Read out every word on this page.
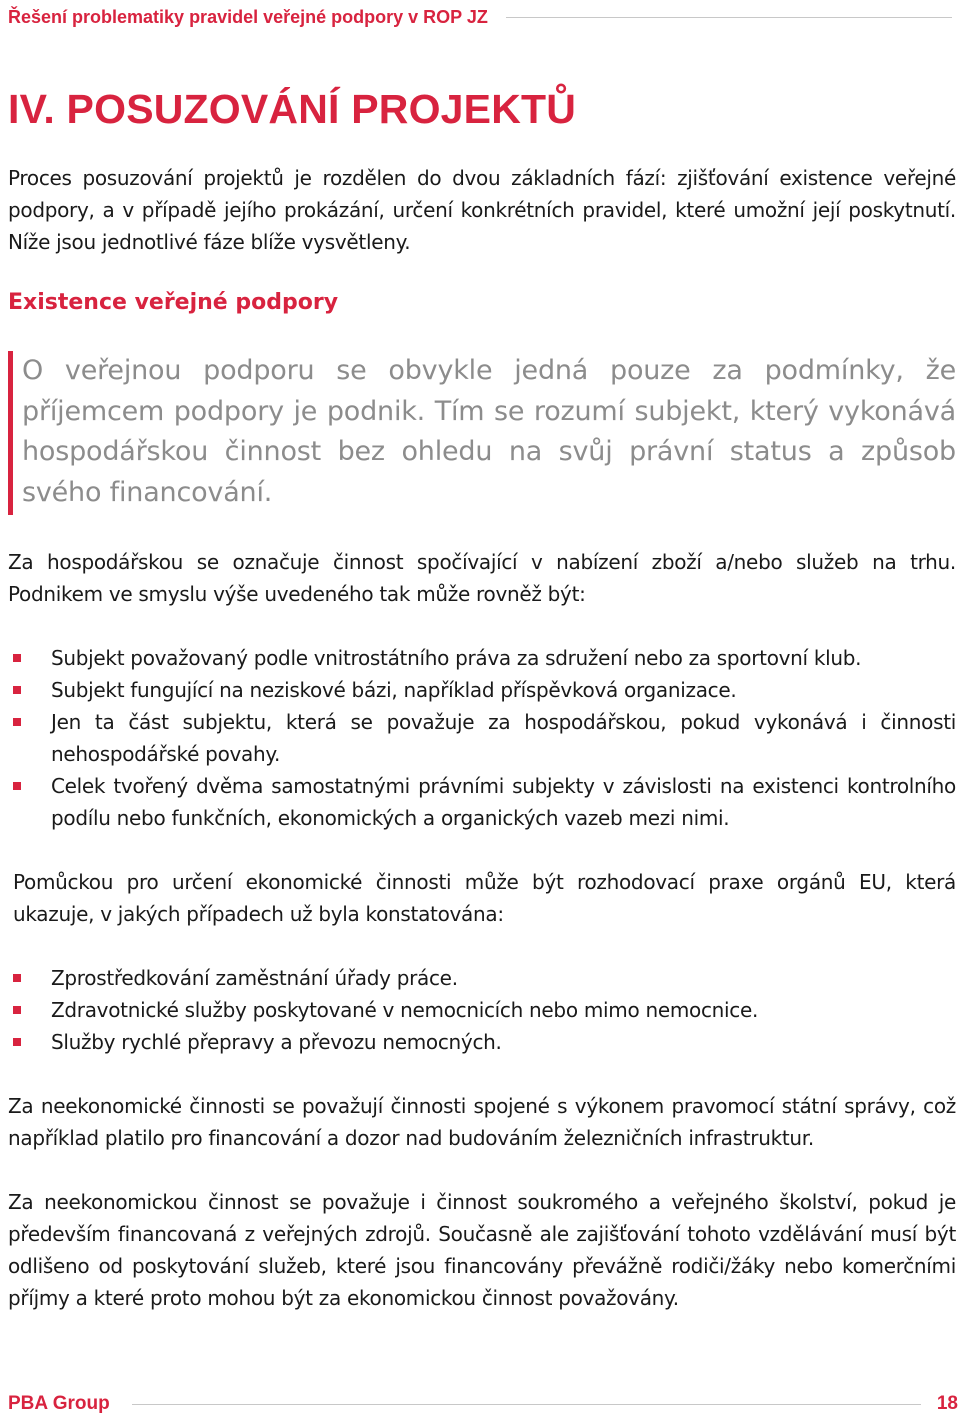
Řešení problematiky pravidel veřejné podpory v ROP JZ
IV. POSUZOVÁNÍ PROJEKTŮ

Proces posuzování projektů je rozdělen do dvou základních fází: zjišťování existence veřejné podpory, a v případě jejího prokázání, určení konkrétních pravidel, které umožní její poskytnutí. Níže jsou jednotlivé fáze blíže vysvětleny.

Existence veřejné podpory

O veřejnou podporu se obvykle jedná pouze za podmínky, že příjemcem podpory je podnik. Tím se rozumí subjekt, který vykonává hospodářskou činnost bez ohledu na svůj právní status a způsob svého financování.

Za hospodářskou se označuje činnost spočívající v nabízení zboží a/nebo služeb na trhu. Podnikem ve smyslu výše uvedeného tak může rovněž být:

Subjekt považovaný podle vnitrostátního práva za sdružení nebo za sportovní klub.
Subjekt fungující na neziskové bázi, například příspěvková organizace.
Jen ta část subjektu, která se považuje za hospodářskou, pokud vykonává i činnosti nehospodářské povahy.
Celek tvořený dvěma samostatnými právními subjekty v závislosti na existenci kontrolního podílu nebo funkčních, ekonomických a organických vazeb mezi nimi.

Pomůckou pro určení ekonomické činnosti může být rozhodovací praxe orgánů EU, která ukazuje, v jakých případech už byla konstatována:

Zprostředkování zaměstnání úřady práce.
Zdravotnické služby poskytované v nemocnicích nebo mimo nemocnice.
Služby rychlé přepravy a převozu nemocných.

Za neekonomické činnosti se považují činnosti spojené s výkonem pravomocí státní správy, což například platilo pro financování a dozor nad budováním železničních infrastruktur.

Za neekonomickou činnost se považuje i činnost soukromého a veřejného školství, pokud je především financovaná z veřejných zdrojů. Současně ale zajišťování tohoto vzdělávání musí být odlišeno od poskytování služeb, které jsou financovány převážně rodiči/žáky nebo komerčními příjmy a které proto mohou být za ekonomickou činnost považovány.

PBA Group	18
